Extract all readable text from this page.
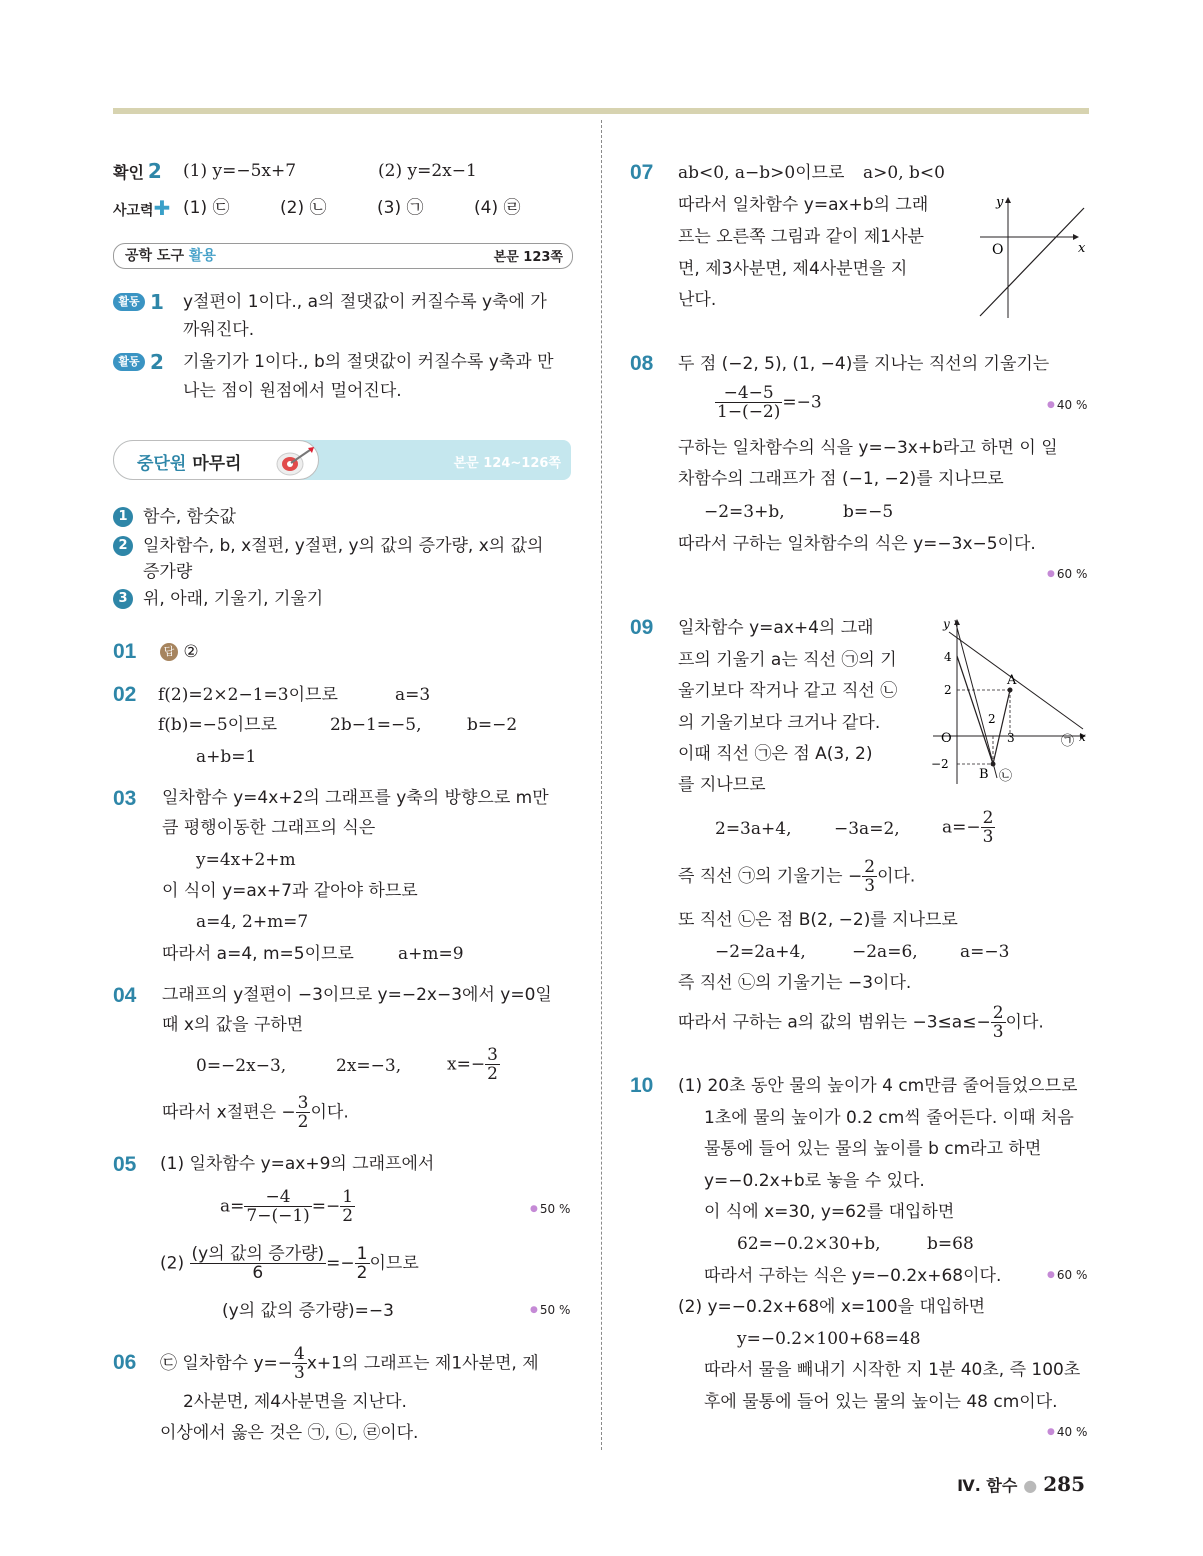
확인 2 (1) y=−5x+7	(2) y=2x−1
사고력✚ (1) ㉢	(2) ㉡	(3) ㉠	(4) ㉣
공학 도구 활용	본문 123쪽
활동 1 y절편이 1이다., a의 절댓값이 커질수록 y축에 가
까워진다.
활동 2 기울기가 1이다., b의 절댓값이 커질수록 y축과 만
나는 점이 원점에서 멀어진다.
중단원 마무리	본문 124~126쪽
1 함수, 함숫값
2 일차함수, b, x절편, y절편, y의 값의 증가량, x의 값의
증가량
3 위, 아래, 기울기, 기울기
01	답 ②
02 f(2)=2×2−1=3이므로	a=3
f(b)=−5이므로	2b−1=−5,	b=−2
a+b=1
03 일차함수 y=4x+2의 그래프를 y축의 방향으로 m만
큼 평행이동한 그래프의 식은
y=4x+2+m
이 식이 y=ax+7과 같아야 하므로
a=4, 2+m=7
따라서 a=4, m=5이므로	a+m=9
04 그래프의 y절편이 −3이므로 y=−2x−3에서 y=0일
때 x의 값을 구하면
0=−2x−3,	2x=−3,	$x=- \frac{3}{2}$
따라서 x절편은 − $\frac{3}{2}$ 이다.
05 (1) 일차함수 y=ax+9의 그래프에서
$a= \frac{-4}{7-(-1)} =- \frac{1}{2}$	● 50 %
$(2) \frac{\text{(y의 값의 증가량)}}{6} =- \frac{1}{2}$ 이므로
(y의 값의 증가량)=−3	● 50 %
06 ㉢ 일차함수 $y=- \frac{4}{3} x+1$의 그래프는 제1사분면, 제
2사분면, 제4사분면을 지난다.
이상에서 옳은 것은 ㉠, ㉡, ㉣이다.
07 ab<0, a−b>0이므로 a>0, b<0
따라서 일차함수 y=ax+b의 그래
프는 오른쪽 그림과 같이 제1사분
면, 제3사분면, 제4사분면을 지
난다.
y
x
O
08 두 점 (−2, 5), (1, −4)를 지나는 직선의 기울기는
$\frac{-4-5}{1-(-2)} =-3$	● 40 %
구하는 일차함수의 식을 y=−3x+b라고 하면 이 일
차함수의 그래프가 점 (−1, −2)를 지나므로
−2=3+b,	b=−5
따라서 구하는 일차함수의 식은 y=−3x−5이다.
● 60 %
09 일차함수 y=ax+4의 그래
프의 기울기 a는 직선 ㉠의 기
울기보다 작거나 같고 직선 ㉡
의 기울기보다 크거나 같다.
이때 직선 ㉠은 점 A(3, 2)
를 지나므로
y
x
O
4
2
−2
3
2
A
B
㉠
㉡
2=3a+4,	−3a=2, $a=- \frac{2}{3}$
즉 직선 ㉠의 기울기는 − $\frac{2}{3}$ 이다.
또 직선 ㉡은 점 B(2, −2)를 지나므로
−2=2a+4,	−2a=6, a=−3
즉 직선 ㉡의 기울기는 −3이다.
따라서 구하는 a의 값의 범위는 $-3\le a\le- \frac{2}{3}$ 이다.
10 (1) 20초 동안 물의 높이가 4 cm만큼 줄어들었으므로
1초에 물의 높이가 0.2 cm씩 줄어든다. 이때 처음
물통에 들어 있는 물의 높이를 b cm라고 하면
y=−0.2x+b로 놓을 수 있다.
이 식에 x=30, y=62를 대입하면
62=−0.2×30+b,	b=68
따라서 구하는 식은 y=−0.2x+68이다.	● 60 %
(2) y=−0.2x+68에 x=100을 대입하면
y=−0.2×100+68=48
따라서 물을 빼내기 시작한 지 1분 40초, 즉 100초
후에 물통에 들어 있는 물의 높이는 48 cm이다.
● 40 %
Ⅳ. 함수 ● 285
